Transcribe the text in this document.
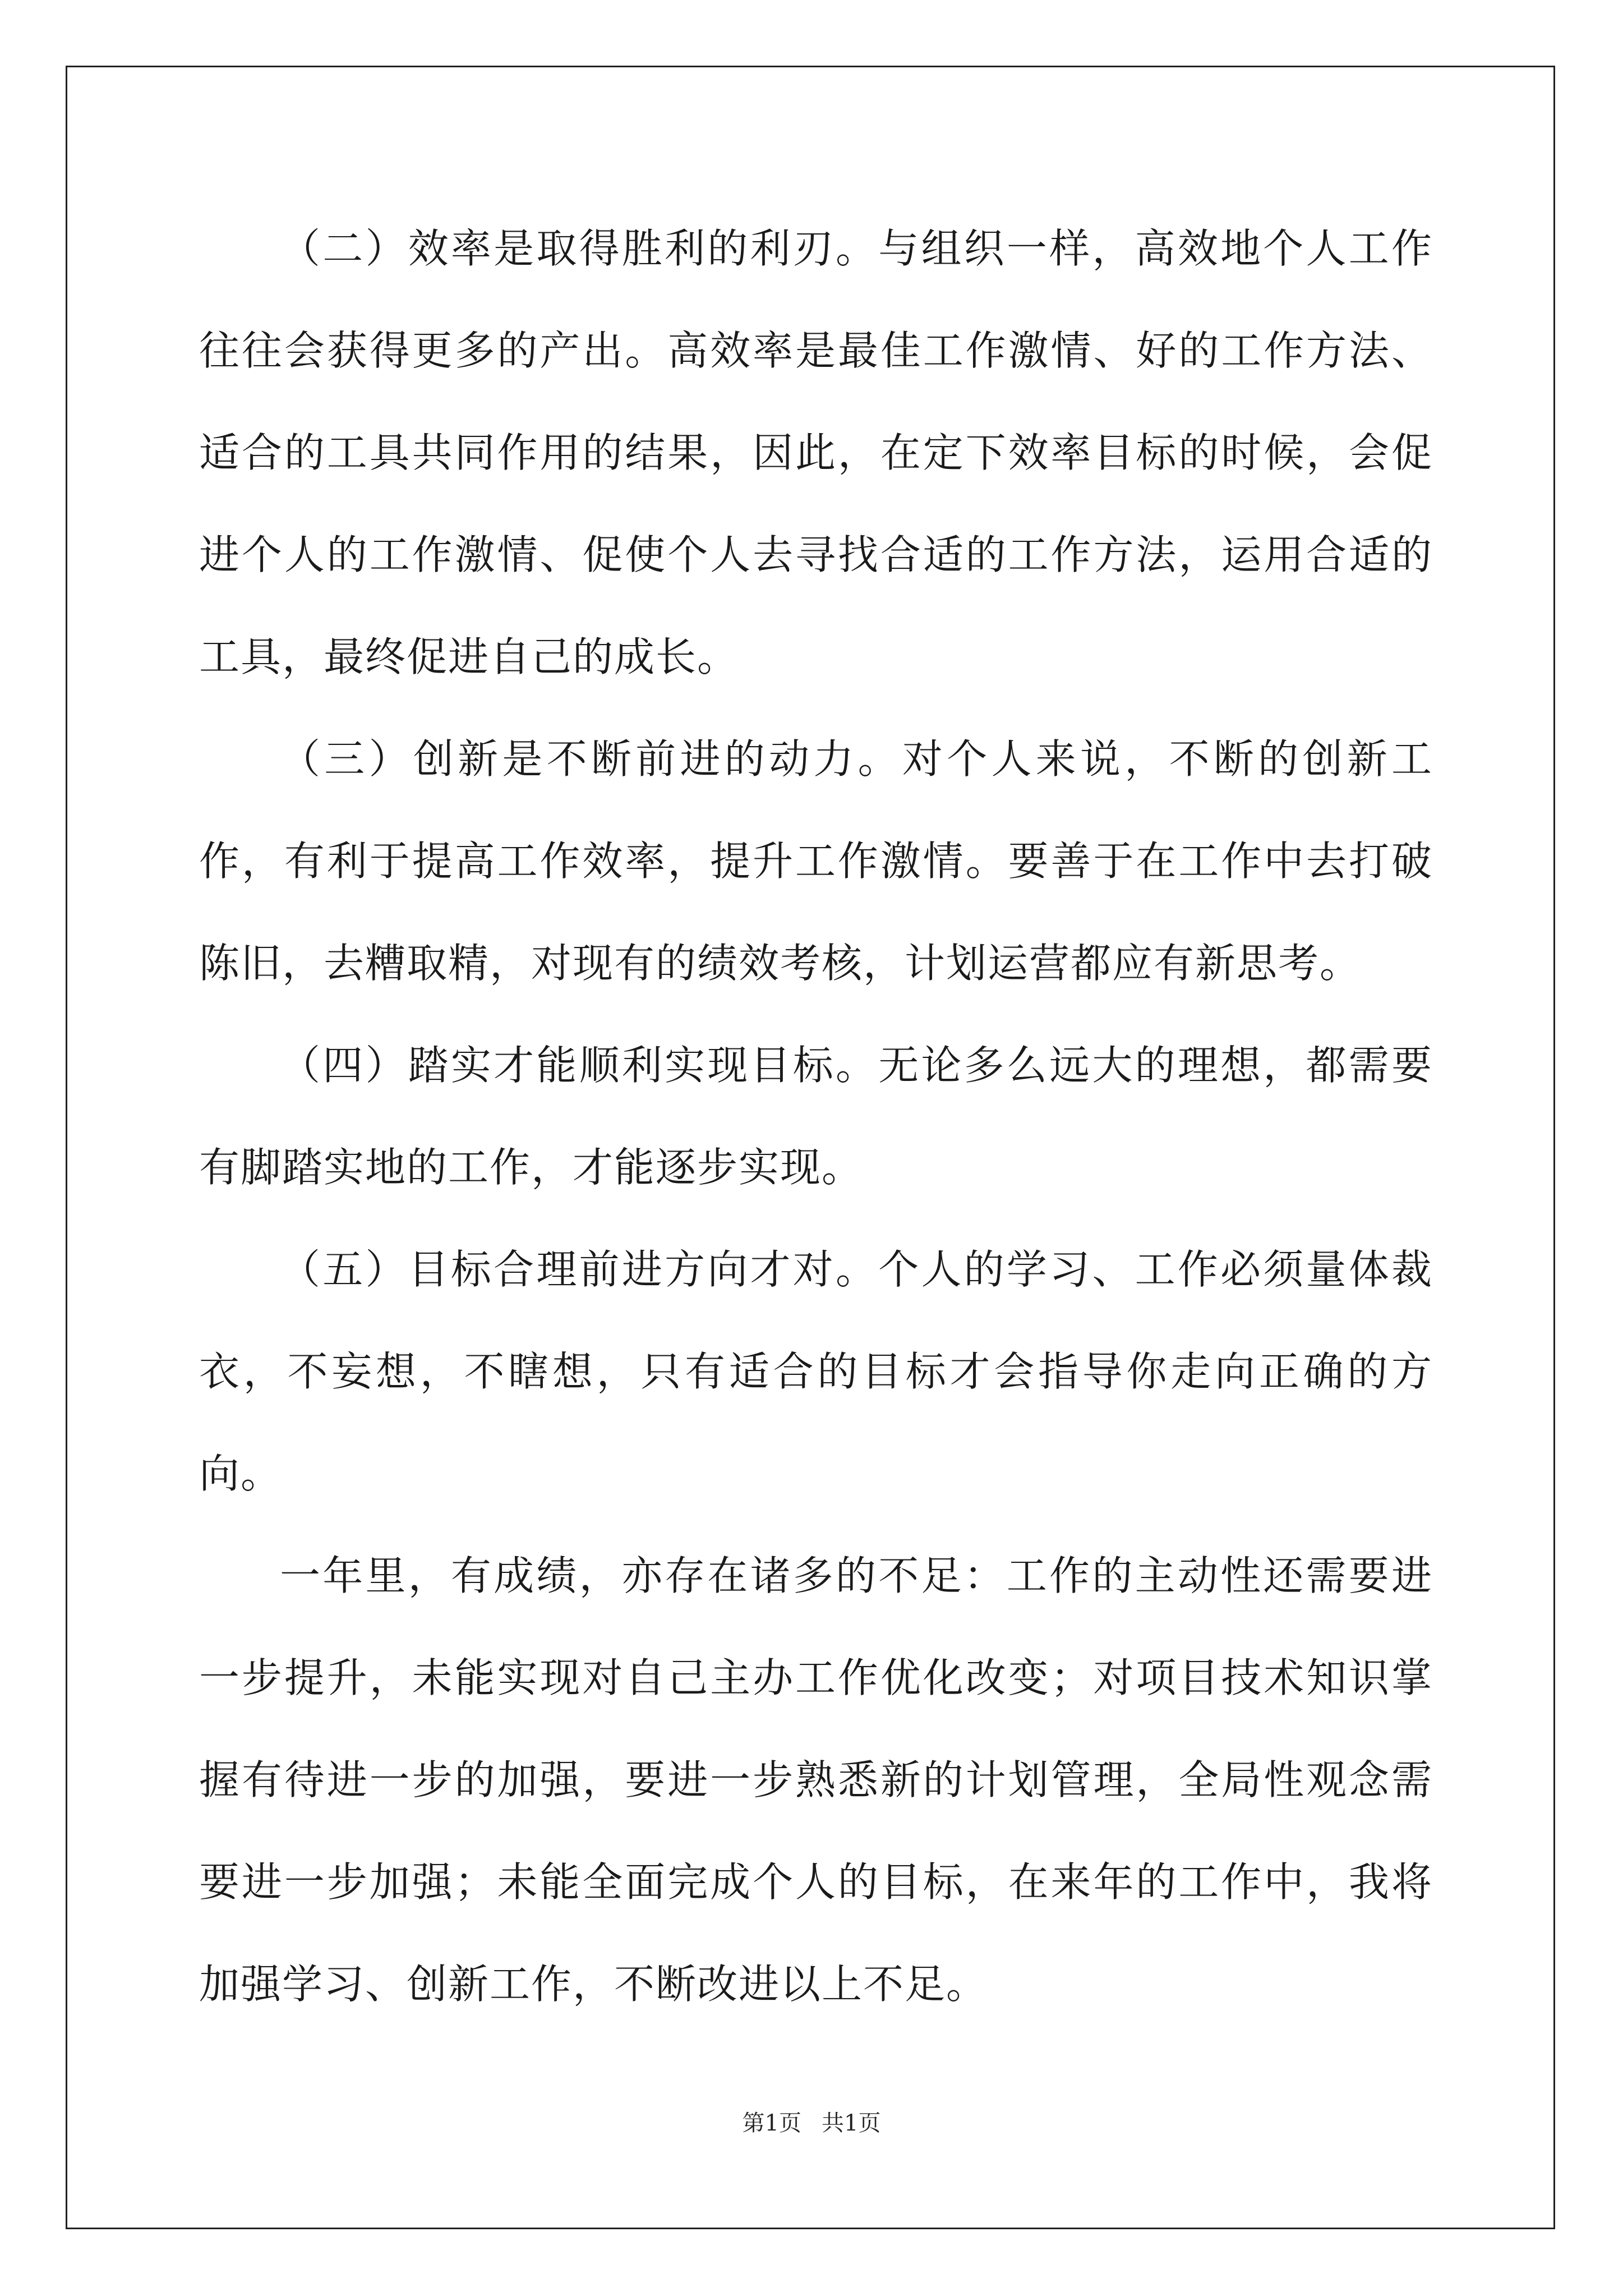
（二）效率是取得胜利的利刃。与组织一样，高效地个人工作往往会获得更多的产出。高效率是最佳工作激情、好的工作方法、适合的工具共同作用的结果，因此，在定下效率目标的时候，会促进个人的工作激情、促使个人去寻找合适的工作方法，运用合适的工具，最终促进自己的成长。

（三）创新是不断前进的动力。对个人来说，不断的创新工作，有利于提高工作效率，提升工作激情。要善于在工作中去打破陈旧，去糟取精，对现有的绩效考核，计划运营都应有新思考。

（四）踏实才能顺利实现目标。无论多么远大的理想，都需要有脚踏实地的工作，才能逐步实现。

（五）目标合理前进方向才对。个人的学习、工作必须量体裁衣，不妄想，不瞎想，只有适合的目标才会指导你走向正确的方向。

一年里，有成绩，亦存在诸多的不足：工作的主动性还需要进一步提升，未能实现对自己主办工作优化改变；对项目技术知识掌握有待进一步的加强，要进一步熟悉新的计划管理，全局性观念需要进一步加强；未能全面完成个人的目标，在来年的工作中，我将加强学习、创新工作，不断改进以上不足。

第1页 共1页
